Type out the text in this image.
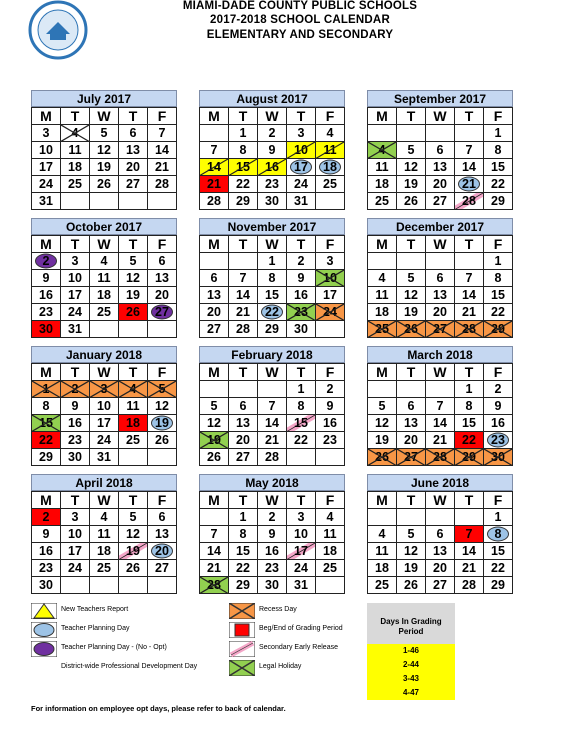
MIAMI-DADE COUNTY PUBLIC SCHOOLS
2017-2018 SCHOOL CALENDAR
ELEMENTARY AND SECONDARY
July 2017
M	T	W	T	F
3	4	5	6	7
10	11	12	13	14
17	18	19	20	21
24	25	26	27	28
31				
August 2017
M	T	W	T	F
	1	2	3	4
7	8	9	10	11

14	15	16	17	18
21	22	23	24	25
28	29	30	31	
September 2017
M	T	W	T	F
				1

4	5	6	7	8
11	12	13	14	15
18	19	20	21	22
25	26	27	28	29
October 2017
M	T	W	T	F

2	3	4	5	6
9	10	11	12	13
16	17	18	19	20
23	24	25	26	27
30	31			
November 2017
M	T	W	T	F
		1	2	3
6	7	8	9	10
13	14	15	16	17
20	21	22	23	24
27	28	29	30	
December 2017
M	T	W	T	F
				1
4	5	6	7	8
11	12	13	14	15
18	19	20	21	22

25	26	27	28	29
January 2018
M	T	W	T	F

1	2	3	4	5
8	9	10	11	12

15	16	17	18	19
22	23	24	25	26
29	30	31		
February 2018
M	T	W	T	F
			1	2
5	6	7	8	9
12	13	14	15	16

19	20	21	22	23
26	27	28		
March 2018
M	T	W	T	F
			1	2
5	6	7	8	9
12	13	14	15	16
19	20	21	22	23

26	27	28	29	30
April 2018
M	T	W	T	F
2	3	4	5	6
9	10	11	12	13
16	17	18	19	20
23	24	25	26	27
30				
May 2018
M	T	W	T	F
	1	2	3	4
7	8	9	10	11
14	15	16	17	18
21	22	23	24	25

28	29	30	31	
June 2018
M	T	W	T	F
				1
4	5	6	7	8
11	12	13	14	15
18	19	20	21	22
25	26	27	28	29
New Teachers Report
Teacher Planning Day
Teacher Planning Day - (No - Opt)
District-wide Professional Development Day
Recess Day
Beg/End of Grading Period
Secondary Early Release
Legal Holiday
Days In Grading Period
1-46
2-44
3-43
4-47
For information on employee opt days, please refer to back of calendar.
